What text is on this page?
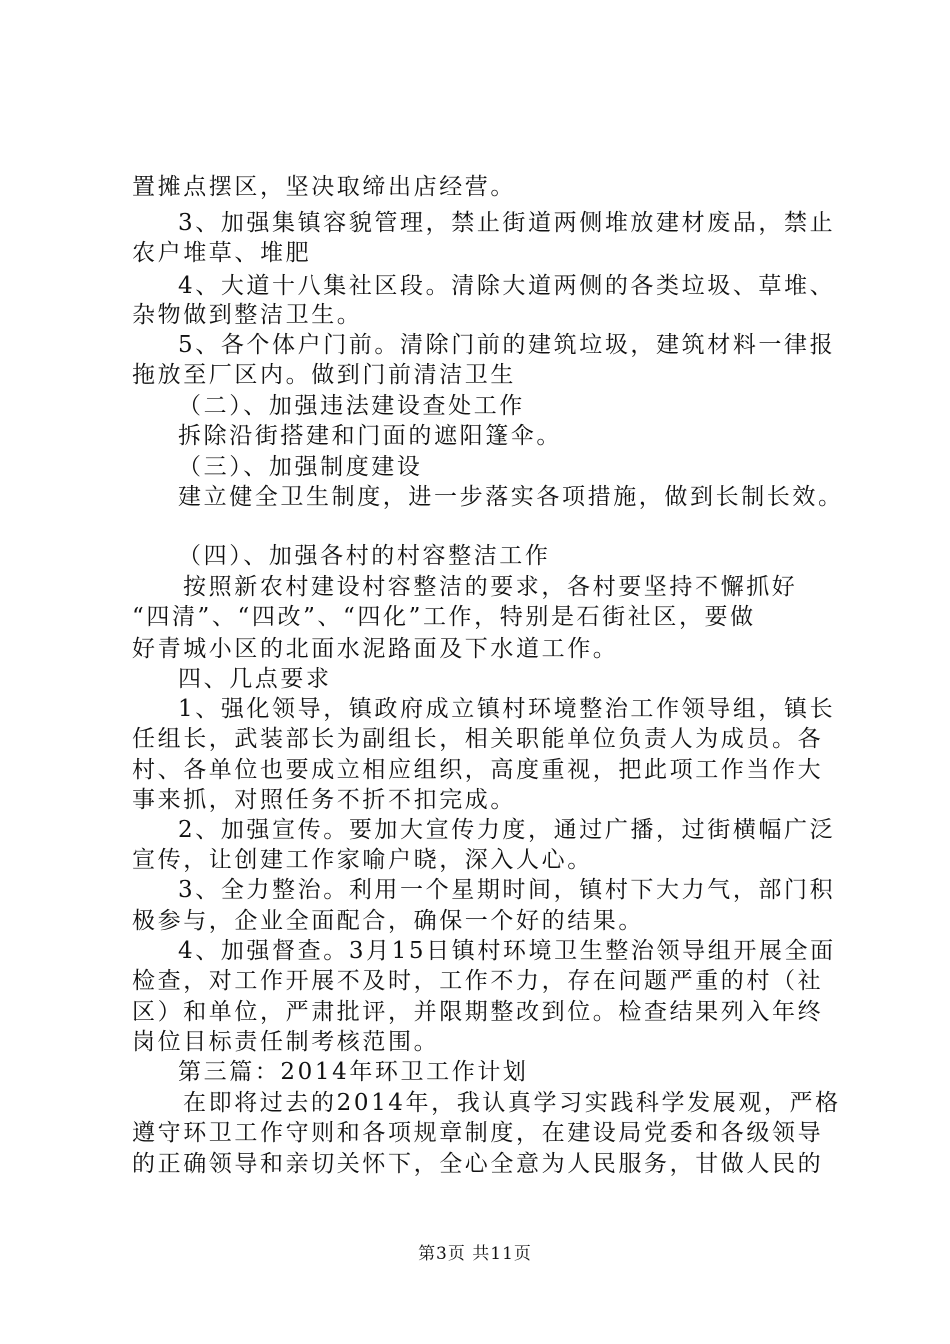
置摊点摆区，坚决取缔出店经营。
3、加强集镇容貌管理，禁止街道两侧堆放建材废品，禁止
农户堆草、堆肥
4、大道十八集社区段。清除大道两侧的各类垃圾、草堆、
杂物做到整洁卫生。
5、各个体户门前。清除门前的建筑垃圾，建筑材料一律报
拖放至厂区内。做到门前清洁卫生
（二）、加强违法建设查处工作
拆除沿街搭建和门面的遮阳篷伞。
（三）、加强制度建设
建立健全卫生制度，进一步落实各项措施，做到长制长效。
（四）、加强各村的村容整洁工作
按照新农村建设村容整洁的要求，各村要坚持不懈抓好
“四清”、“四改”、“四化”工作，特别是石街社区，要做
好青城小区的北面水泥路面及下水道工作。
四、几点要求
1、强化领导，镇政府成立镇村环境整治工作领导组，镇长
任组长，武装部长为副组长，相关职能单位负责人为成员。各
村、各单位也要成立相应组织，高度重视，把此项工作当作大
事来抓，对照任务不折不扣完成。
2、加强宣传。要加大宣传力度，通过广播，过街横幅广泛
宣传，让创建工作家喻户晓，深入人心。
3、全力整治。利用一个星期时间，镇村下大力气，部门积
极参与，企业全面配合，确保一个好的结果。
4、加强督查。3月15日镇村环境卫生整治领导组开展全面
检查，对工作开展不及时，工作不力，存在问题严重的村（社
区）和单位，严肃批评，并限期整改到位。检查结果列入年终
岗位目标责任制考核范围。
第三篇：2014年环卫工作计划
在即将过去的2014年，我认真学习实践科学发展观，严格
遵守环卫工作守则和各项规章制度，在建设局党委和各级领导
的正确领导和亲切关怀下，全心全意为人民服务，甘做人民的
第3页 共11页
